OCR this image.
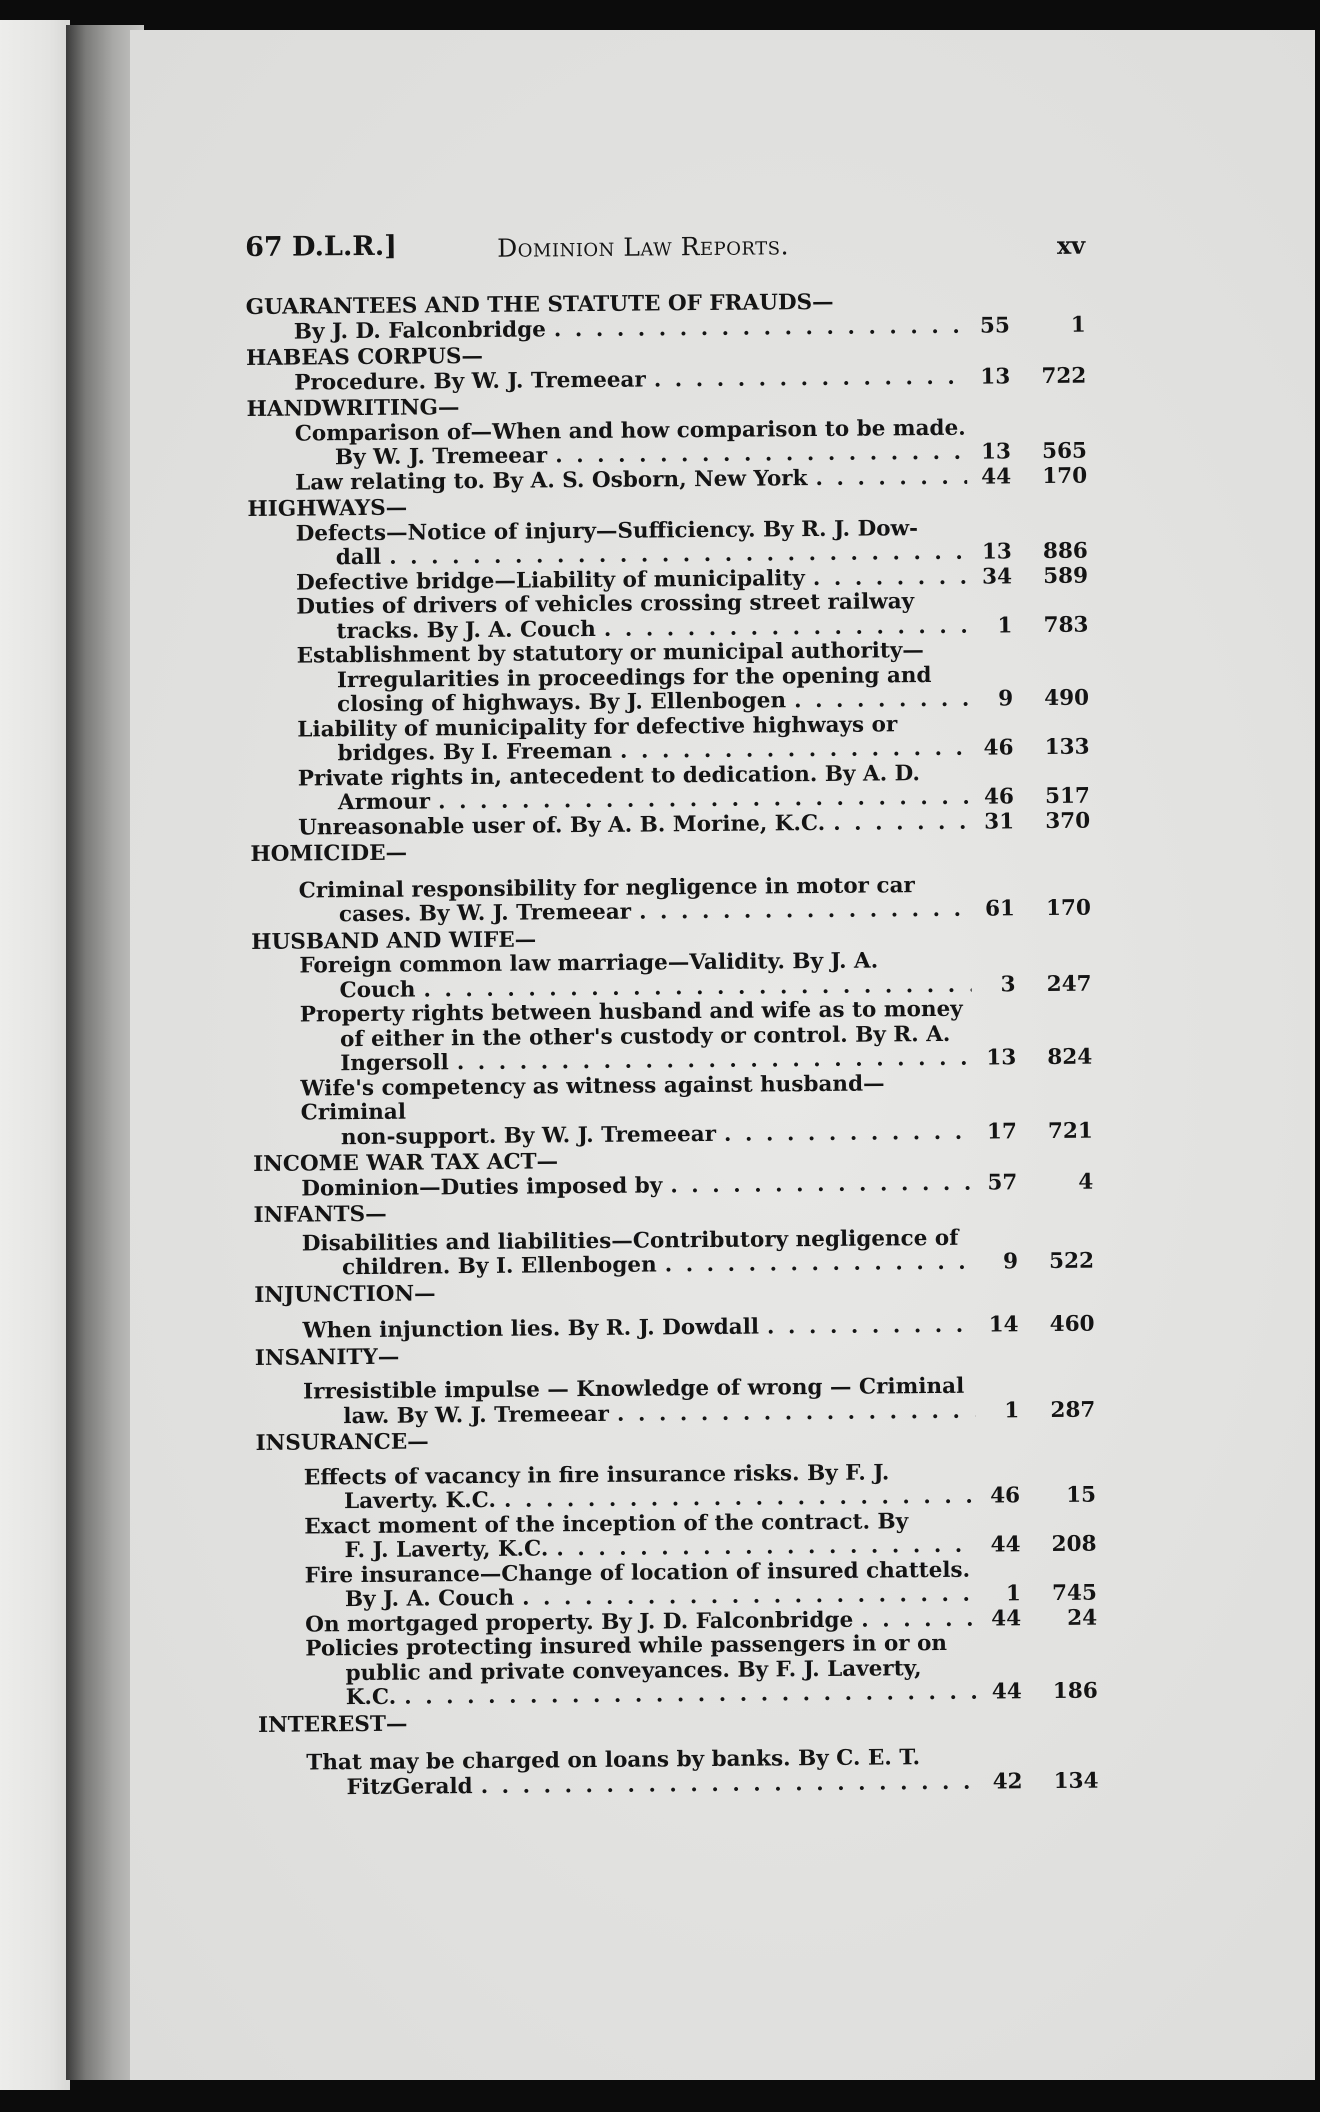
67 D.L.R.]	Dominion Law Reports.	xv
GUARANTEES AND THE STATUTE OF FRAUDS—
By J. D. Falconbridge . . .	55	1
HABEAS CORPUS—
Procedure. By W. J. Tremeear . . .	13	722
HANDWRITING—
Comparison of—When and how comparison to be made.
By W. J. Tremeear . . .	13	565
Law relating to. By A. S. Osborn, New York . . .	44	170
HIGHWAYS—
Defects—Notice of injury—Sufficiency. By R. J. Dow-
dall . . .	13	886
Defective bridge—Liability of municipality . . .	34	589
Duties of drivers of vehicles crossing street railway
tracks. By J. A. Couch . . .	1	783
Establishment by statutory or municipal authority—
Irregularities in proceedings for the opening and
closing of highways. By J. Ellenbogen . . .	9	490
Liability of municipality for defective highways or
bridges. By I. Freeman . . .	46	133
Private rights in, antecedent to dedication. By A. D.
Armour . . .	46	517
Unreasonable user of. By A. B. Morine, K.C. . . .	31	370
HOMICIDE—
Criminal responsibility for negligence in motor car
cases. By W. J. Tremeear . . .	61	170
HUSBAND AND WIFE—
Foreign common law marriage—Validity. By J. A.
Couch . . .	3	247
Property rights between husband and wife as to money
of either in the other's custody or control. By R. A.
Ingersoll . . .	13	824
Wife's competency as witness against husband—Criminal
non-support. By W. J. Tremeear . . .	17	721
INCOME WAR TAX ACT—
Dominion—Duties imposed by . . .	57	4
INFANTS—
Disabilities and liabilities—Contributory negligence of
children. By I. Ellenbogen . . .	9	522
INJUNCTION—
When injunction lies. By R. J. Dowdall . . .	14	460
INSANITY—
Irresistible impulse — Knowledge of wrong — Criminal
law. By W. J. Tremeear . . .	1	287
INSURANCE—
Effects of vacancy in fire insurance risks. By F. J.
Laverty. K.C. . . .	46	15
Exact moment of the inception of the contract. By
F. J. Laverty, K.C. . . .	44	208
Fire insurance—Change of location of insured chattels.
By J. A. Couch . . .	1	745
On mortgaged property. By J. D. Falconbridge . . .	44	24
Policies protecting insured while passengers in or on
public and private conveyances. By F. J. Laverty,
K.C. . . .	44	186
INTEREST—
That may be charged on loans by banks. By C. E. T.
FitzGerald . . .	42	134
